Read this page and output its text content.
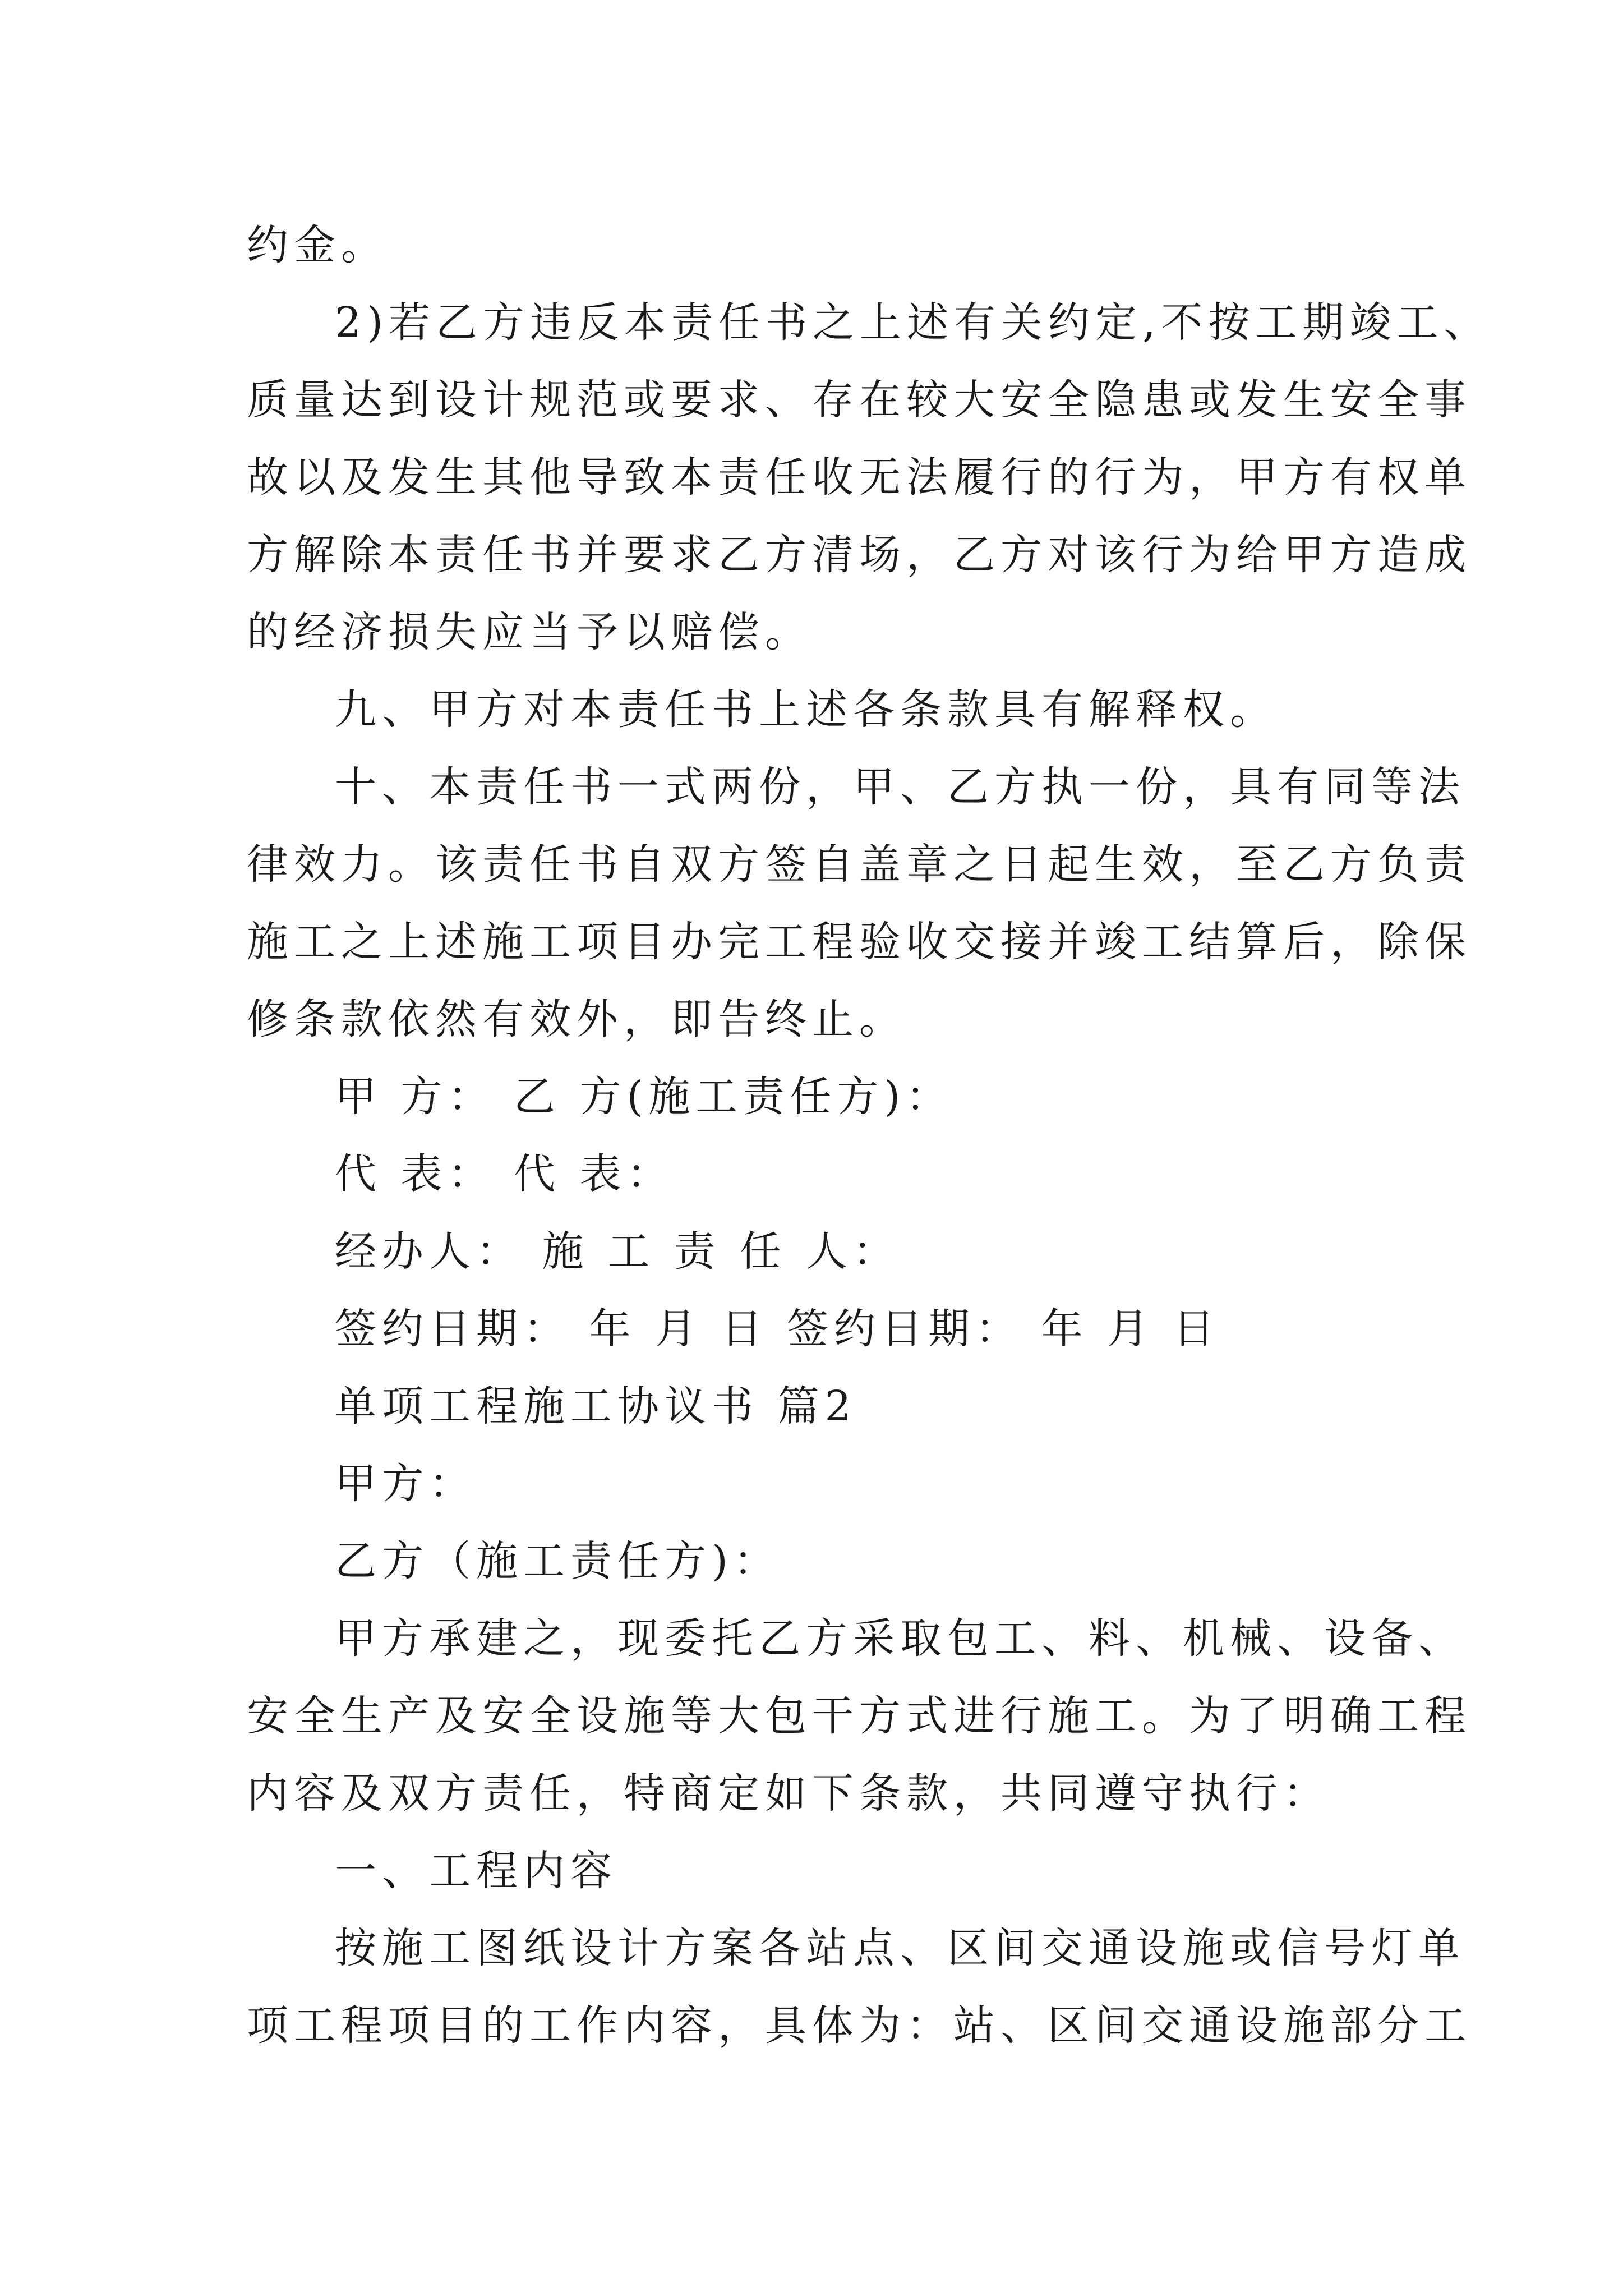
约金。
2)若乙方违反本责任书之上述有关约定,不按工期竣工、
质量达到设计规范或要求、存在较大安全隐患或发生安全事
故以及发生其他导致本责任收无法履行的行为，甲方有权单
方解除本责任书并要求乙方清场，乙方对该行为给甲方造成
的经济损失应当予以赔偿。
九、甲方对本责任书上述各条款具有解释权。
十、本责任书一式两份，甲、乙方执一份，具有同等法
律效力。该责任书自双方签自盖章之日起生效，至乙方负责
施工之上述施工项目办完工程验收交接并竣工结算后，除保
修条款依然有效外，即告终止。
甲 方： 乙 方(施工责任方)：
代 表： 代 表：
经办人： 施 工 责 任 人：
签约日期： 年 月 日 签约日期： 年 月 日
单项工程施工协议书 篇2
甲方：
乙方（施工责任方)：
甲方承建之，现委托乙方采取包工、料、机械、设备、
安全生产及安全设施等大包干方式进行施工。为了明确工程
内容及双方责任，特商定如下条款，共同遵守执行：
一、工程内容
按施工图纸设计方案各站点、区间交通设施或信号灯单
项工程项目的工作内容，具体为：站、区间交通设施部分工
